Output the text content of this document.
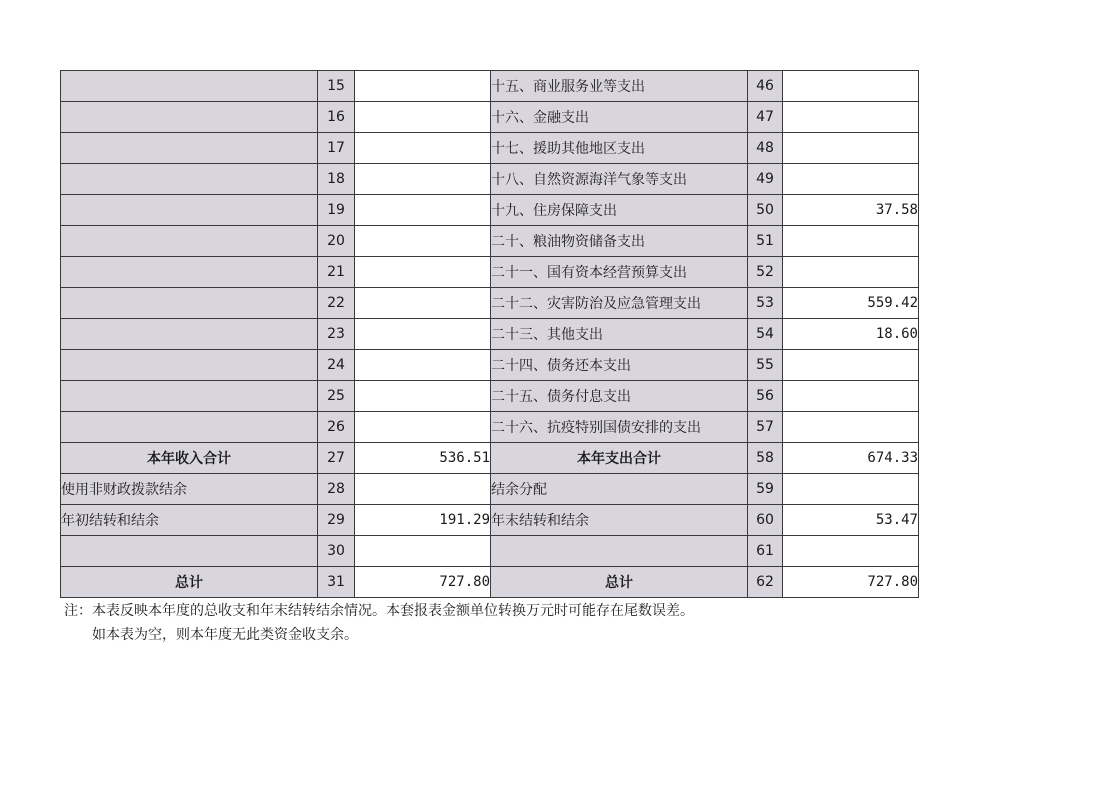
	15		十五、商业服务业等支出	46	
	16		十六、金融支出	47	
	17		十七、援助其他地区支出	48	
	18		十八、自然资源海洋气象等支出	49	
	19		十九、住房保障支出	50	37.58
	20		二十、粮油物资储备支出	51	
	21		二十一、国有资本经营预算支出	52	
	22		二十二、灾害防治及应急管理支出	53	559.42
	23		二十三、其他支出	54	18.60
	24		二十四、债务还本支出	55	
	25		二十五、债务付息支出	56	
	26		二十六、抗疫特别国债安排的支出	57	
本年收入合计	27	536.51	本年支出合计	58	674.33
使用非财政拨款结余	28		结余分配	59	
年初结转和结余	29	191.29	年末结转和结余	60	53.47
	30			61	
总计	31	727.80	总计	62	727.80
注：本表反映本年度的总收支和年末结转结余情况。本套报表金额单位转换万元时可能存在尾数误差。
如本表为空，则本年度无此类资金收支余。
